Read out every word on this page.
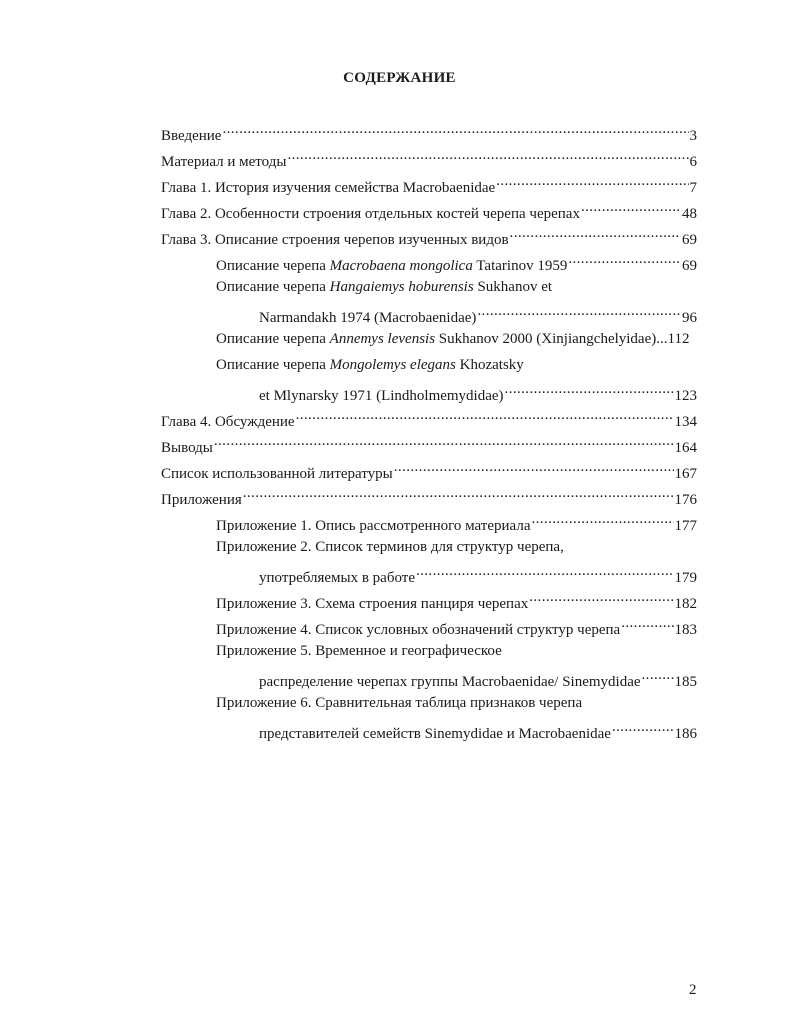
СОДЕРЖАНИЕ
Введение .....	3
Материал и методы .....	6
Глава 1. История изучения семейства Macrobaenidae .....	7
Глава 2. Особенности строения отдельных костей черепа черепах .....	48
Глава 3. Описание строения черепов изученных видов .....	69
Описание черепа Macrobaena mongolica Tatarinov 1959 .....	69
Описание черепа Hangaiemys hoburensis Sukhanov et
Narmandakh 1974 (Macrobaenidae) .....	96
Описание черепа Annemys levensis Sukhanov 2000 (Xinjiangchelyidae)... 112
Описание черепа Mongolemys elegans Khozatsky
et Mlynarsky 1971 (Lindholmemydidae) .....	123
Глава 4. Обсуждение .....	134
Выводы .....	164
Список использованной литературы .....	167
Приложения .....	176
Приложение 1. Опись рассмотренного материала .....	177
Приложение 2. Список терминов для структур черепа,
употребляемых в работе .....	179
Приложение 3. Схема строения панциря черепах .....	182
Приложение 4. Список условных обозначений структур черепа .....	183
Приложение 5. Временное и географическое
распределение черепах группы Macrobaenidae/ Sinemydidae ..... 185
Приложение 6. Сравнительная таблица признаков черепа
представителей семейств Sinemydidae и Macrobaenidae .....	186
2
